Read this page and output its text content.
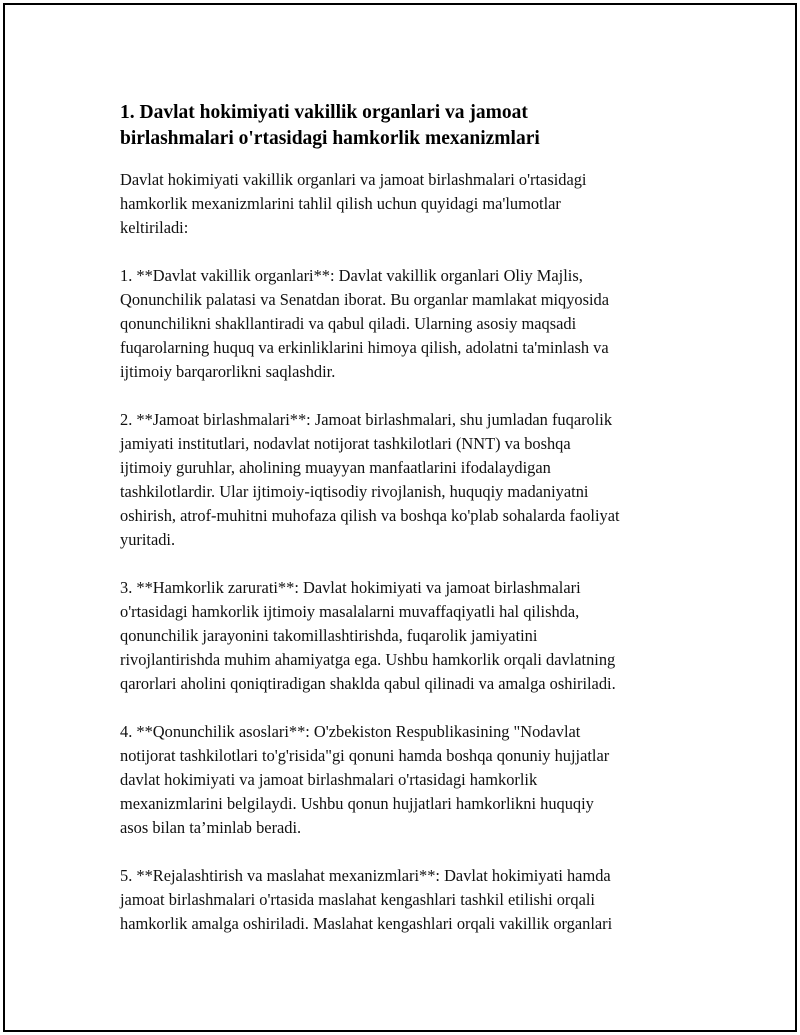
1. Davlat hokimiyati vakillik organlari va jamoat
birlashmalari o'rtasidagi hamkorlik mexanizmlari

Davlat hokimiyati vakillik organlari va jamoat birlashmalari o'rtasidagi
hamkorlik mexanizmlarini tahlil qilish uchun quyidagi ma'lumotlar
keltiriladi:

1. **Davlat vakillik organlari**: Davlat vakillik organlari Oliy Majlis,
Qonunchilik palatasi va Senatdan iborat. Bu organlar mamlakat miqyosida
qonunchilikni shakllantiradi va qabul qiladi. Ularning asosiy maqsadi
fuqarolarning huquq va erkinliklarini himoya qilish, adolatni ta'minlash va
ijtimoiy barqarorlikni saqlashdir.

2. **Jamoat birlashmalari**: Jamoat birlashmalari, shu jumladan fuqarolik
jamiyati institutlari, nodavlat notijorat tashkilotlari (NNT) va boshqa
ijtimoiy guruhlar, aholining muayyan manfaatlarini ifodalaydigan
tashkilotlardir. Ular ijtimoiy-iqtisodiy rivojlanish, huquqiy madaniyatni
oshirish, atrof-muhitni muhofaza qilish va boshqa ko'plab sohalarda faoliyat
yuritadi.

3. **Hamkorlik zarurati**: Davlat hokimiyati va jamoat birlashmalari
o'rtasidagi hamkorlik ijtimoiy masalalarni muvaffaqiyatli hal qilishda,
qonunchilik jarayonini takomillashtirishda, fuqarolik jamiyatini
rivojlantirishda muhim ahamiyatga ega. Ushbu hamkorlik orqali davlatning
qarorlari aholini qoniqtiradigan shaklda qabul qilinadi va amalga oshiriladi.

4. **Qonunchilik asoslari**: O'zbekiston Respublikasining "Nodavlat
notijorat tashkilotlari to'g'risida"gi qonuni hamda boshqa qonuniy hujjatlar
davlat hokimiyati va jamoat birlashmalari o'rtasidagi hamkorlik
mexanizmlarini belgilaydi. Ushbu qonun hujjatlari hamkorlikni huquqiy
asos bilan ta’minlab beradi.

5. **Rejalashtirish va maslahat mexanizmlari**: Davlat hokimiyati hamda
jamoat birlashmalari o'rtasida maslahat kengashlari tashkil etilishi orqali
hamkorlik amalga oshiriladi. Maslahat kengashlari orqali vakillik organlari
